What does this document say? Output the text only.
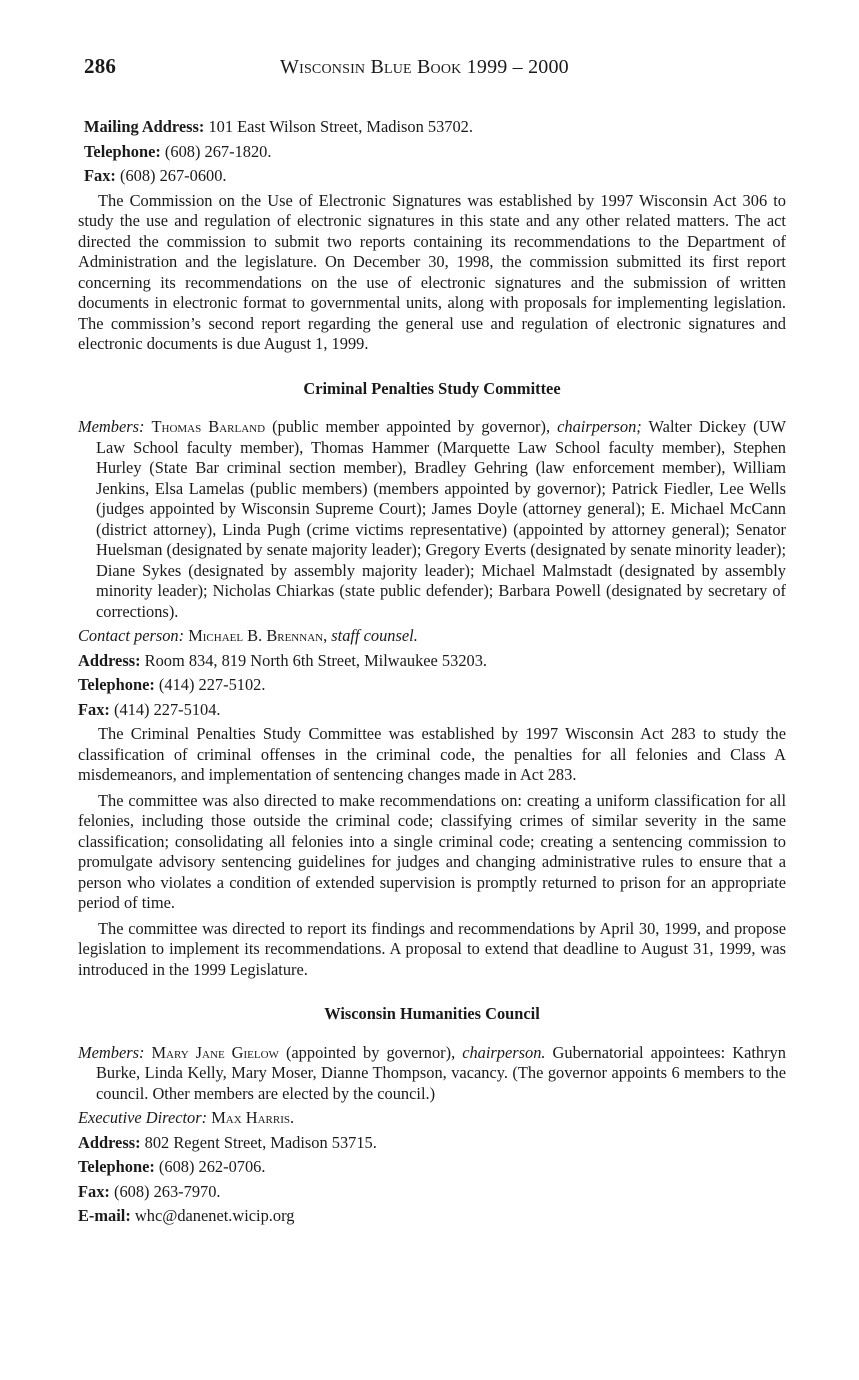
286	Wisconsin Blue Book 1999 – 2000
Mailing Address: 101 East Wilson Street, Madison 53702.
Telephone: (608) 267-1820.
Fax: (608) 267-0600.

The Commission on the Use of Electronic Signatures was established by 1997 Wisconsin Act 306 to study the use and regulation of electronic signatures in this state and any other related matters. The act directed the commission to submit two reports containing its recommendations to the Department of Administration and the legislature. On December 30, 1998, the commission submitted its first report concerning its recommendations on the use of electronic signatures and the submission of written documents in electronic format to governmental units, along with proposals for implementing legislation. The commission’s second report regarding the general use and regulation of electronic signatures and electronic documents is due August 1, 1999.

Criminal Penalties Study Committee
Members: Thomas Barland (public member appointed by governor), chairperson; Walter Dickey (UW Law School faculty member), Thomas Hammer (Marquette Law School faculty member), Stephen Hurley (State Bar criminal section member), Bradley Gehring (law enforcement member), William Jenkins, Elsa Lamelas (public members) (members appointed by governor); Patrick Fiedler, Lee Wells (judges appointed by Wisconsin Supreme Court); James Doyle (attorney general); E. Michael McCann (district attorney), Linda Pugh (crime victims representative) (appointed by attorney general); Senator Huelsman (designated by senate majority leader); Gregory Everts (designated by senate minority leader); Diane Sykes (designated by assembly majority leader); Michael Malmstadt (designated by assembly minority leader); Nicholas Chiarkas (state public defender); Barbara Powell (designated by secretary of corrections).
Contact person: Michael B. Brennan, staff counsel.
Address: Room 834, 819 North 6th Street, Milwaukee 53203.
Telephone: (414) 227-5102.
Fax: (414) 227-5104.

The Criminal Penalties Study Committee was established by 1997 Wisconsin Act 283 to study the classification of criminal offenses in the criminal code, the penalties for all felonies and Class A misdemeanors, and implementation of sentencing changes made in Act 283.

The committee was also directed to make recommendations on: creating a uniform classification for all felonies, including those outside the criminal code; classifying crimes of similar severity in the same classification; consolidating all felonies into a single criminal code; creating a sentencing commission to promulgate advisory sentencing guidelines for judges and changing administrative rules to ensure that a person who violates a condition of extended supervision is promptly returned to prison for an appropriate period of time.

The committee was directed to report its findings and recommendations by April 30, 1999, and propose legislation to implement its recommendations. A proposal to extend that deadline to August 31, 1999, was introduced in the 1999 Legislature.

Wisconsin Humanities Council
Members: Mary Jane Gielow (appointed by governor), chairperson. Gubernatorial appointees: Kathryn Burke, Linda Kelly, Mary Moser, Dianne Thompson, vacancy. (The governor appoints 6 members to the council. Other members are elected by the council.)
Executive Director: Max Harris.
Address: 802 Regent Street, Madison 53715.
Telephone: (608) 262-0706.
Fax: (608) 263-7970.
E-mail: whc@danenet.wicip.org
